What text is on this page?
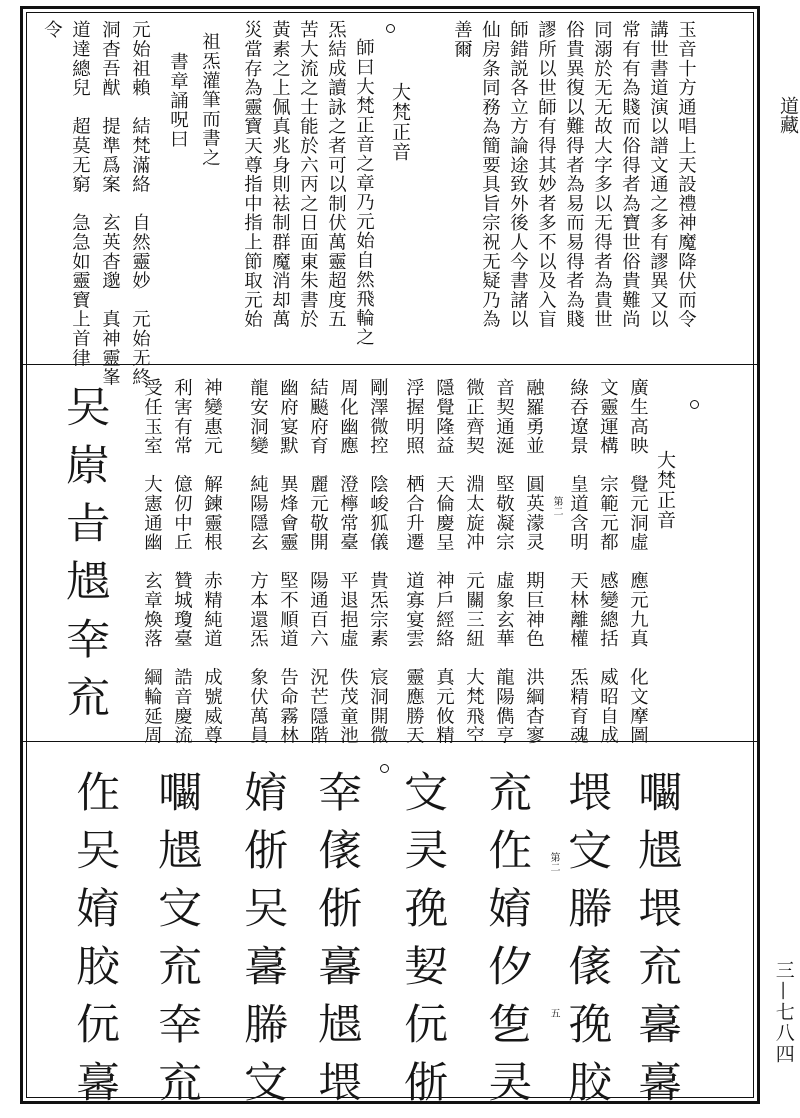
道藏
三—七八四
玉音十方通唱上天設禮神魔降伏而令
講世書道演以譜文通之多有謬異又以
常有有為賤而俗得者為寶世俗貴難尚
同溺於无无故大字多以无得者為貴世
俗貴異復以難得者為易而易得者為賤
謬所以世師有得其妙者多不以及入盲
師錯説各立方論途致外後人今書諸以
仙房条同務為簡要具旨宗祝无疑乃為
善爾
大梵正音
師曰大梵正音之章乃元始自然飛輪之
炁結成讀詠之者可以制伏萬靈超度五
苦大流之士能於六丙之日面東朱書於
黃素之上佩真兆身則袪制群魔消却萬
災當存為靈寶天尊指中指上節取元始
祖炁灌筆而書之
書章誦呪曰
元始祖賴　結梵滿絡　自然靈妙　元始无終
洞杳吾猷　提準爲案　玄英杳邈　真神靈峯
道達總兒　超莫无窮　急急如靈寶上首律
令
大梵正音
廣生高映　覺元洞虛　應元九真　化文摩圖
文靈運構　宗範元都　感變總括　威昭自成
綠吞遼景　皇道含明　天林離權　炁精育魂
第二
融羅勇並　圓英濛灵　期巨神色　洪綱杳寥
音契通涎　堅敬凝宗　虛象玄華　龍陽儁亨
微正齊契　淵太旋冲　元關三紐　大梵飛空
隱覺隆益　天倫慶呈　神戶經絡　真元攸精
浮握明照　栖合升遷　道寡宴雲　靈應勝天
剛澤微控　陰峻狐儀　貴炁宗素　宸洞開微
周化幽應　澄檸常臺　平退挹虛　佚茂童池
結飈府育　麗元敬開　陽通百六　況芒隱階
幽府宴默　異烽會靈　堅不順道　告命霧林
龍安洞變　純陽隱玄　方本還炁　象伏萬員
神變惠元　解鍊靈根　赤精純道　成號威尊
利害有常　億仞中丘　贊城瓊臺　誥音慶流
受任玉室　大憲通幽　玄章煥落　綱輪延周
㕦㟶㫖㞇㚔㐬
㘚㞇㙗㐬㐯㐯
㙗㝊㬺㒅㝃㬵
㐬㑅㛩㐴㐛㚑
㝊㚑㝃㛃㐾㑜	第二
五
㚔㒅㑜㐯㞇㙗
㛩㑜㕦㐯㬺㝊
㘚㞇㝊㐬㚔㐬
㑅㕦㛩㬵㐾㐯
